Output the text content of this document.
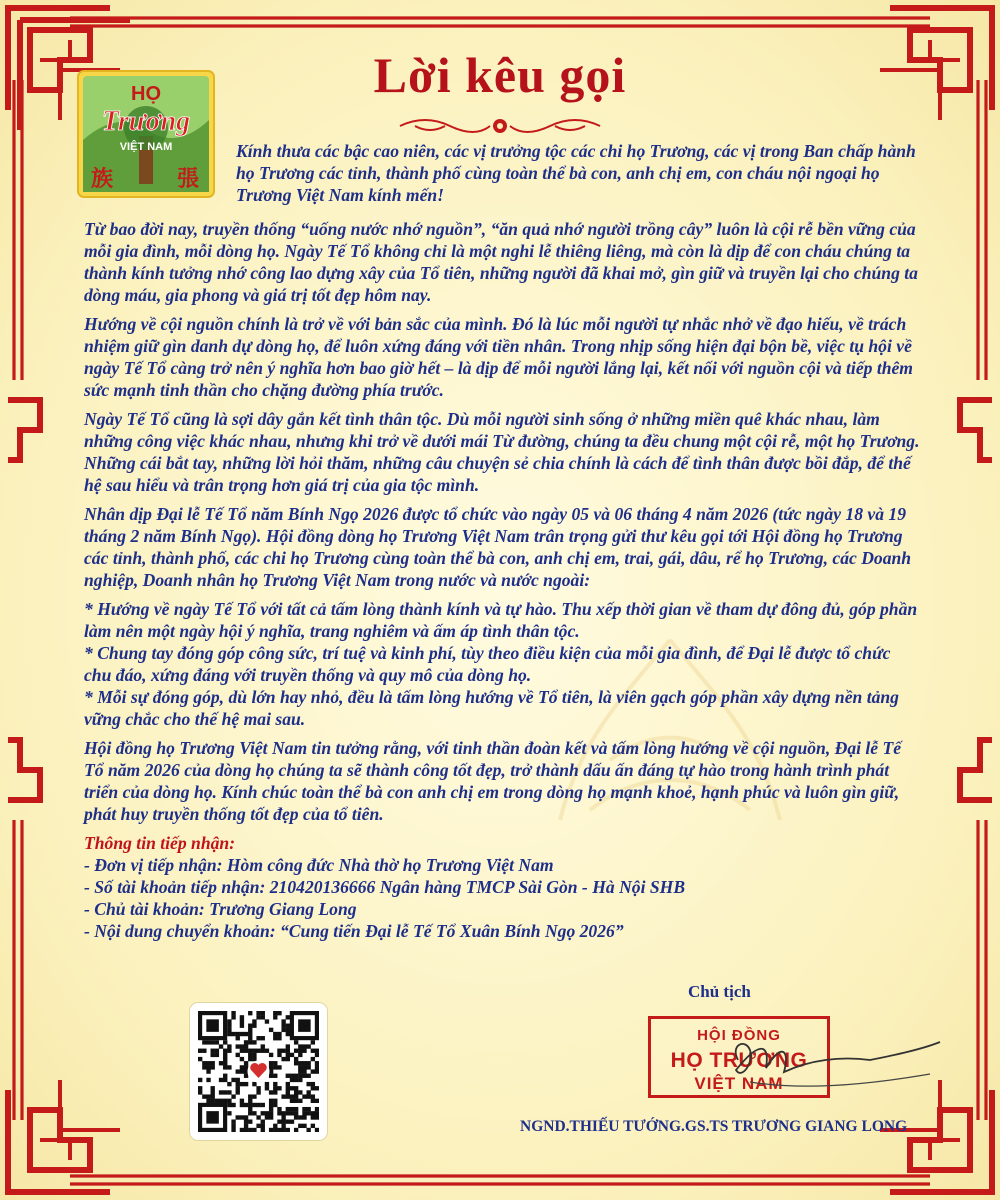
HỌ
Trương
VIỆT NAM
族	張
Lời kêu gọi

Kính thưa các bậc cao niên, các vị trưởng tộc các chi họ Trương, các vị trong Ban chấp hành họ Trương các tỉnh, thành phố cùng toàn thể bà con, anh chị em, con cháu nội ngoại họ Trương Việt Nam kính mến!

Từ bao đời nay, truyền thống “uống nước nhớ nguồn”, “ăn quả nhớ người trồng cây” luôn là cội rễ bền vững của mỗi gia đình, mỗi dòng họ. Ngày Tế Tổ không chỉ là một nghi lễ thiêng liêng, mà còn là dịp để con cháu chúng ta thành kính tưởng nhớ công lao dựng xây của Tổ tiên, những người đã khai mở, gìn giữ và truyền lại cho chúng ta dòng máu, gia phong và giá trị tốt đẹp hôm nay.

Hướng về cội nguồn chính là trở về với bản sắc của mình. Đó là lúc mỗi người tự nhắc nhở về đạo hiếu, về trách nhiệm giữ gìn danh dự dòng họ, để luôn xứng đáng với tiền nhân. Trong nhịp sống hiện đại bộn bề, việc tụ hội về ngày Tế Tổ càng trở nên ý nghĩa hơn bao giờ hết – là dịp để mỗi người lắng lại, kết nối với nguồn cội và tiếp thêm sức mạnh tinh thần cho chặng đường phía trước.

Ngày Tế Tổ cũng là sợi dây gắn kết tình thân tộc. Dù mỗi người sinh sống ở những miền quê khác nhau, làm những công việc khác nhau, nhưng khi trở về dưới mái Từ đường, chúng ta đều chung một cội rễ, một họ Trương. Những cái bắt tay, những lời hỏi thăm, những câu chuyện sẻ chia chính là cách để tình thân được bồi đắp, để thế hệ sau hiểu và trân trọng hơn giá trị của gia tộc mình.

Nhân dịp Đại lễ Tế Tổ năm Bính Ngọ 2026 được tổ chức vào ngày 05 và 06 tháng 4 năm 2026 (tức ngày 18 và 19 tháng 2 năm Bính Ngọ). Hội đồng dòng họ Trương Việt Nam trân trọng gửi thư kêu gọi tới Hội đồng họ Trương các tỉnh, thành phố, các chi họ Trương cùng toàn thể bà con, anh chị em, trai, gái, dâu, rể họ Trương, các Doanh nghiệp, Doanh nhân họ Trương Việt Nam trong nước và nước ngoài:

* Hướng về ngày Tế Tổ với tất cả tấm lòng thành kính và tự hào. Thu xếp thời gian về tham dự đông đủ, góp phần làm nên một ngày hội ý nghĩa, trang nghiêm và ấm áp tình thân tộc.

* Chung tay đóng góp công sức, trí tuệ và kinh phí, tùy theo điều kiện của mỗi gia đình, để Đại lễ được tổ chức chu đáo, xứng đáng với truyền thống và quy mô của dòng họ.

* Mỗi sự đóng góp, dù lớn hay nhỏ, đều là tấm lòng hướng về Tổ tiên, là viên gạch góp phần xây dựng nền tảng vững chắc cho thế hệ mai sau.

Hội đồng họ Trương Việt Nam tin tưởng rằng, với tinh thần đoàn kết và tấm lòng hướng về cội nguồn, Đại lễ Tế Tổ năm 2026 của dòng họ chúng ta sẽ thành công tốt đẹp, trở thành dấu ấn đáng tự hào trong hành trình phát triển của dòng họ. Kính chúc toàn thể bà con anh chị em trong dòng họ mạnh khoẻ, hạnh phúc và luôn gìn giữ, phát huy truyền thống tốt đẹp của tổ tiên.

Thông tin tiếp nhận:

- Đơn vị tiếp nhận: Hòm công đức Nhà thờ họ Trương Việt Nam

- Số tài khoản tiếp nhận: 210420136666 Ngân hàng TMCP Sài Gòn - Hà Nội SHB

- Chủ tài khoản: Trương Giang Long

- Nội dung chuyển khoản: “Cung tiến Đại lễ Tế Tổ Xuân Bính Ngọ 2026”

Chủ tịch

HỘI ĐỒNG
HỌ TRƯƠNG
VIỆT NAM

NGND.THIẾU TƯỚNG.GS.TS TRƯƠNG GIANG LONG
